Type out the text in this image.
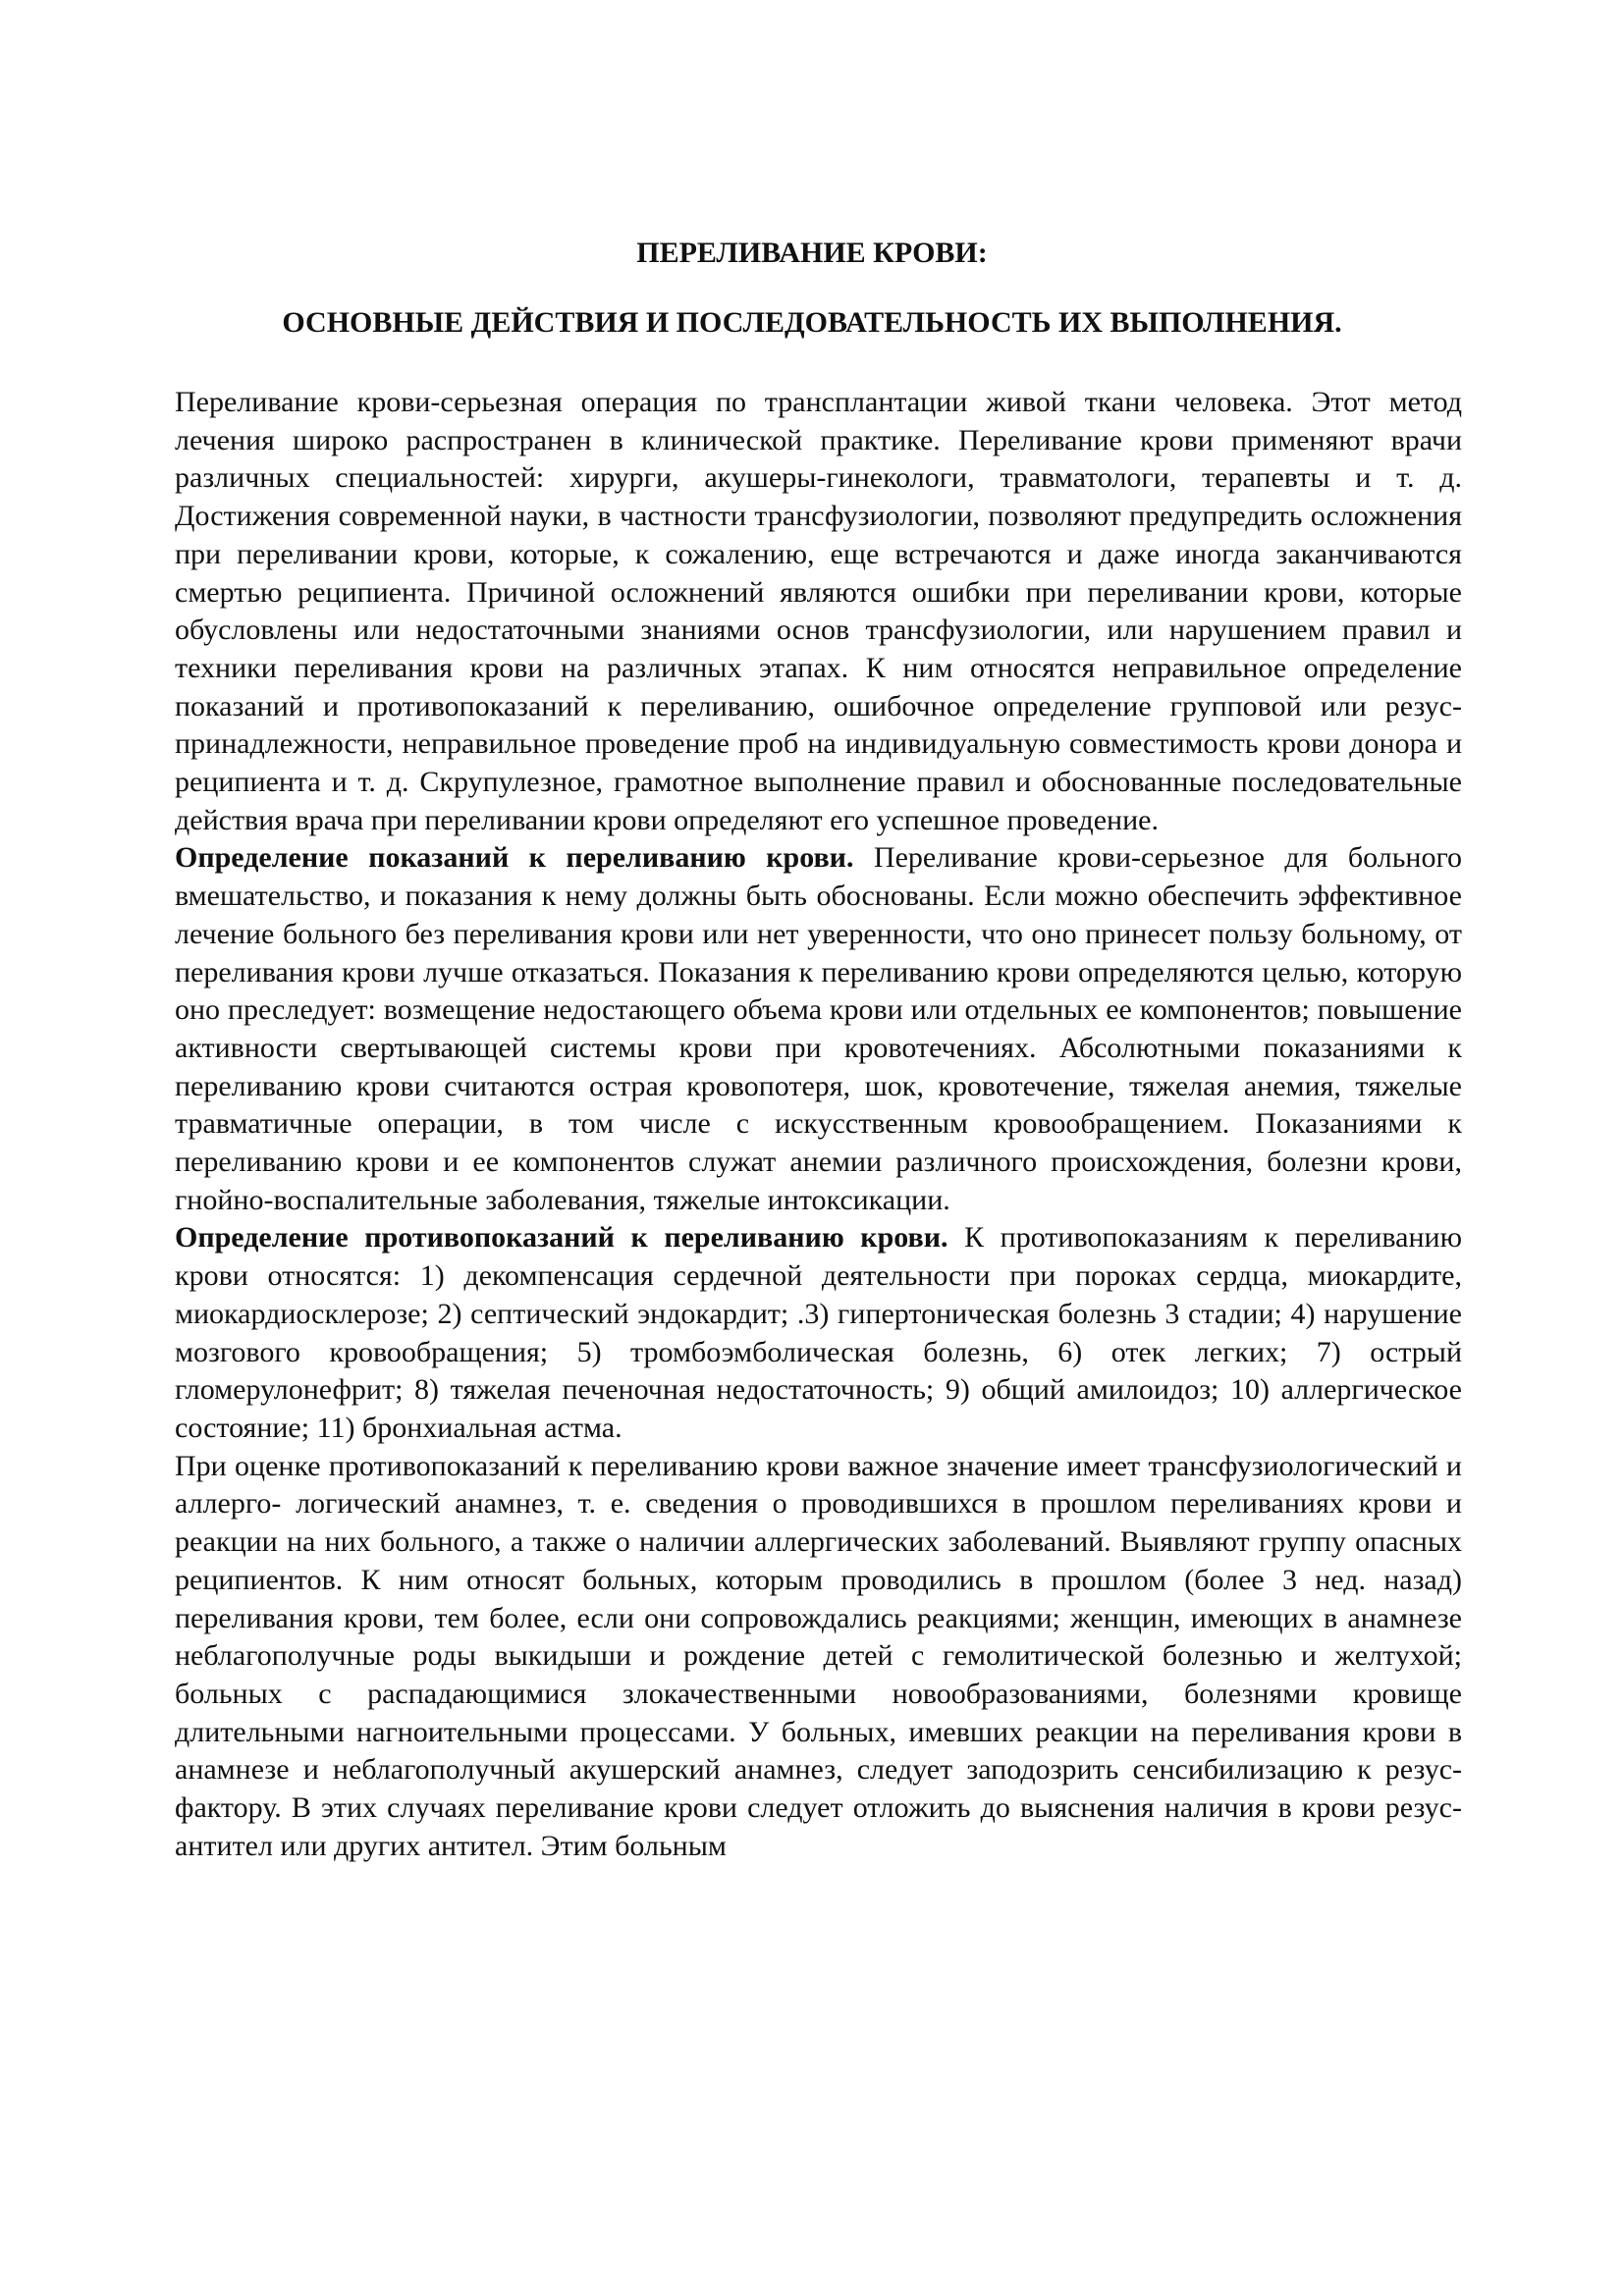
ПЕРЕЛИВАНИЕ КРОВИ:
ОСНОВНЫЕ ДЕЙСТВИЯ И ПОСЛЕДОВАТЕЛЬНОСТЬ ИХ ВЫПОЛНЕНИЯ.

Переливание крови-серьезная операция по трансплантации живой ткани человека. Этот метод лечения широко распространен в клинической практике. Переливание крови применяют врачи различных специальностей: хирурги, акушеры-гинекологи, травматологи, терапевты и т. д. Достижения современной науки, в частности трансфузиологии, позволяют предупредить осложнения при переливании крови, которые, к сожалению, еще встречаются и даже иногда заканчиваются смертью реципиента. Причиной осложнений являются ошибки при переливании крови, которые обусловлены или недостаточными знаниями основ трансфузиологии, или нарушением правил и техники переливания крови на различных этапах. К ним относятся неправильное определение показаний и противопоказаний к переливанию, ошибочное определение групповой или резус-принадлежности, неправильное проведение проб на индивидуальную совместимость крови донора и реципиента и т. д. Скрупулезное, грамотное выполнение правил и обоснованные последовательные действия врача при переливании крови определяют его успешное проведение.

Определение показаний к переливанию крови. Переливание крови-серьезное для больного вмешательство, и показания к нему должны быть обоснованы. Если можно обеспечить эффективное лечение больного без переливания крови или нет уверенности, что оно принесет пользу больному, от переливания крови лучше отказаться. Показания к переливанию крови определяются целью, которую оно преследует: возмещение недостающего объема крови или отдельных ее компонентов; повышение активности свертывающей системы крови при кровотечениях. Абсолютными показаниями к переливанию крови считаются острая кровопотеря, шок, кровотечение, тяжелая анемия, тяжелые травматичные операции, в том числе с искусственным кровообращением. Показаниями к переливанию крови и ее компонентов служат анемии различного происхождения, болезни крови, гнойно-воспалительные заболевания, тяжелые интоксикации.

Определение противопоказаний к переливанию крови. К противопоказаниям к переливанию крови относятся: 1) декомпенсация сердечной деятельности при пороках сердца, миокардите, миокардиосклерозе; 2) септический эндокардит; .3) гипертоническая болезнь 3 стадии; 4) нарушение мозгового кровообращения; 5) тромбоэмболическая болезнь, 6) отек легких; 7) острый гломерулонефрит; 8) тяжелая печеночная недостаточность; 9) общий амилоидоз; 10) аллергическое состояние; 11) бронхиальная астма.

При оценке противопоказаний к переливанию крови важное значение имеет трансфузиологический и аллерго- логический анамнез, т. е. сведения о проводившихся в прошлом переливаниях крови и реакции на них больного, а также о наличии аллергических заболеваний. Выявляют группу опасных реципиентов. К ним относят больных, которым проводились в прошлом (более 3 нед. назад) переливания крови, тем более, если они сопровождались реакциями; женщин, имеющих в анамнезе неблагополучные роды выкидыши и рождение детей с гемолитической болезнью и желтухой; больных с распадающимися злокачественными новообразованиями, болезнями кровище длительными нагноительными процессами. У больных, имевших реакции на переливания крови в анамнезе и неблагополучный акушерский анамнез, следует заподозрить сенсибилизацию к резус-фактору. В этих случаях переливание крови следует отложить до выяснения наличия в крови резус-антител или других антител. Этим больным
